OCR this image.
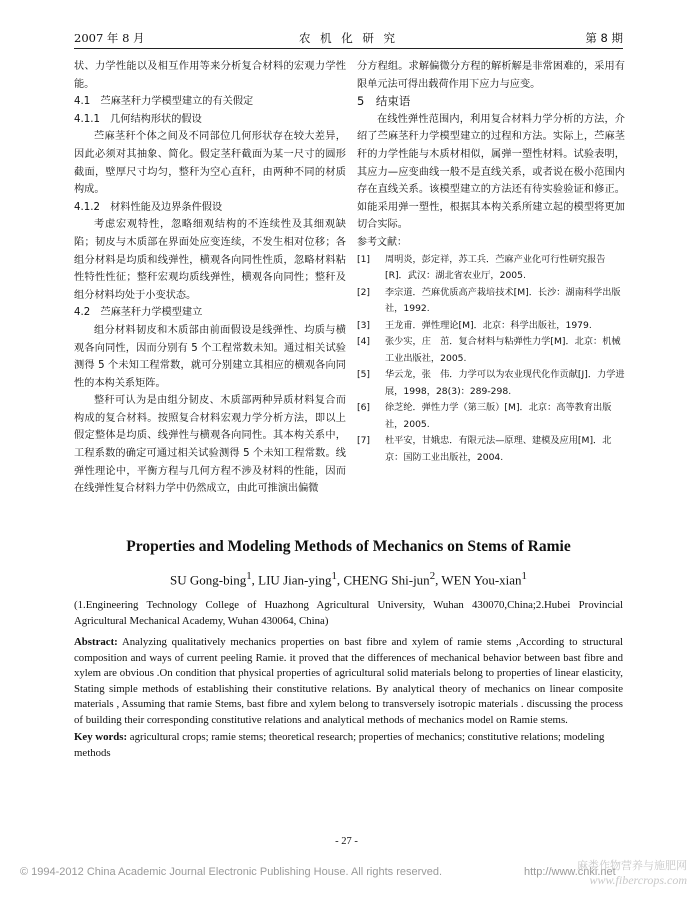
2007 年 8 月	农 机 化 研 究	第 8 期

状、力学性能以及相互作用等来分析复合材料的宏观力学性能。

4.1　苎麻茎秆力学模型建立的有关假定

4.1.1　几何结构形状的假设

苎麻茎秆个体之间及不同部位几何形状存在较大差异，因此必须对其抽象、简化。假定茎秆截面为某一尺寸的圆形截面，壁厚尺寸均匀，整秆为空心直秆，由两种不同的材质构成。

4.1.2　材料性能及边界条件假设

考虑宏观特性，忽略细观结构的不连续性及其细观缺陷；韧皮与木质部在界面处应变连续，不发生相对位移；各组分材料是均质和线弹性，横观各向同性性质，忽略材料粘性特性性征；整秆宏观均质线弹性，横观各向同性；整秆及组分材料均处于小变状态。

4.2　苎麻茎秆力学模型建立

组分材料韧皮和木质部由前面假设是线弹性、均质与横观各向同性，因而分别有 5 个工程常数未知。通过相关试验测得 5 个未知工程常数，就可分别建立其相应的横观各向同性的本构关系矩阵。

整秆可认为是由组分韧皮、木质部两种异质材料复合而构成的复合材料。按照复合材料宏观力学分析方法，即以上假定整体是均质、线弹性与横观各向同性。其本构关系中，工程系数的确定可通过相关试验测得 5 个未知工程常数。线弹性理论中，平衡方程与几何方程不涉及材料的性能，因而在线弹性复合材料力学中仍然成立，由此可推演出偏微

分方程组。求解偏微分方程的解析解是非常困难的，采用有限单元法可得出载荷作用下应力与应变。

5　结束语

在线性弹性范围内，利用复合材料力学分析的方法，介绍了苎麻茎秆力学模型建立的过程和方法。实际上，苎麻茎秆的力学性能与木质材相似，属弹一塑性材料。试验表明，其应力—应变曲线一般不是直线关系，或者说在极小范围内存在直线关系。该模型建立的方法还有待实验验证和修正。如能采用弹一塑性，根据其本构关系所建立起的模型将更加切合实际。

参考文献：

[1]	周明炎，彭定祥，苏工兵．苎麻产业化可行性研究报告[R]．武汉：湖北省农业厅，2005.
[2]	李宗道．苎麻优质高产栽培技术[M]．长沙：湖南科学出版社，1992.
[3]	王龙甫．弹性理论[M]．北京：科学出版社，1979.
[4]	张少实，庄　茁．复合材料与粘弹性力学[M]．北京：机械工业出版社，2005.
[5]	华云龙，张　伟．力学可以为农业现代化作贡献[J]．力学进展，1998，28(3)：289-298.
[6]	徐芝纶．弹性力学（第三版）[M]．北京：高等教育出版社，2005.
[7]	杜平安，甘娥忠．有限元法—原理、建模及应用[M]．北京：国防工业出版社，2004.

Properties and Modeling Methods of Mechanics on Stems of Ramie

SU Gong-bing$^1$, LIU Jian-ying$^1$, CHENG Shi-jun$^2$, WEN You-xian$^1$

(1.Engineering Technology College of Huazhong Agricultural University, Wuhan 430070,China;2.Hubei Provincial Agricultural Mechanical Academy, Wuhan 430064, China)

Abstract: Analyzing qualitatively mechanics properties on bast fibre and xylem of ramie stems ,According to structural composition and ways of current peeling Ramie. it proved that the differences of mechanical behavior between bast fibre and xylem are obvious .On condition that physical properties of agricultural solid materials belong to properties of linear elasticity, Stating simple methods of establishing their constitutive relations. By analytical theory of mechanics on linear composite materials , Assuming that ramie Stems, bast fibre and xylem belong to transversely isotropic materials . discussing the process of building their corresponding constitutive relations and analytical methods of mechanics model on Ramie stems.

Key words: agricultural crops; ramie stems; theoretical research; properties of mechanics; constitutive relations; modeling methods

- 27 -
© 1994-2012 China Academic Journal Electronic Publishing House. All rights reserved.	http://www.cnki.net
麻类作物营养与施肥网
www.fibercrops.com
